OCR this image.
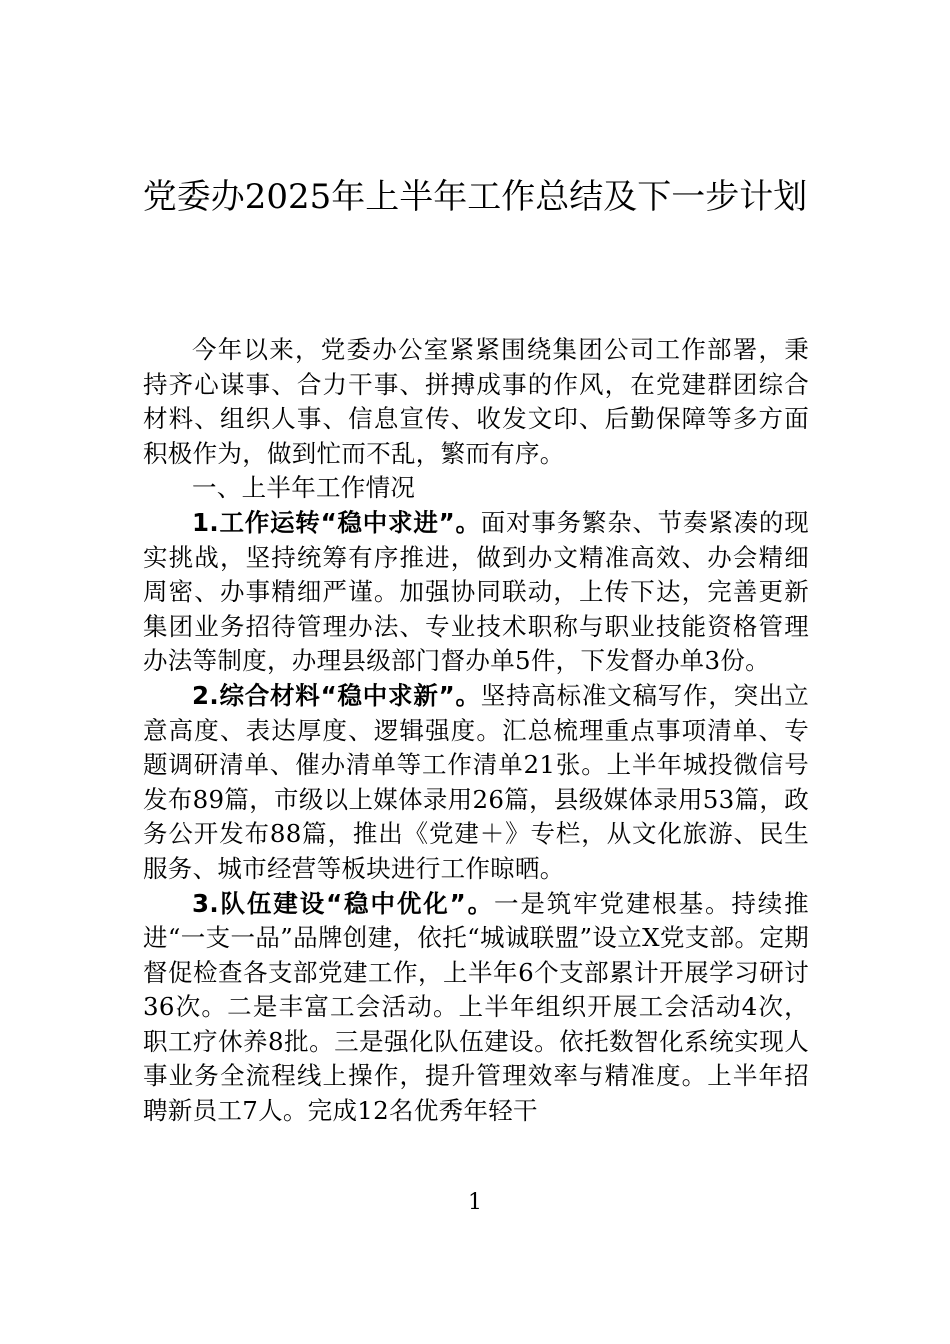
党委办2025年上半年工作总结及下一步计划

今年以来，党委办公室紧紧围绕集团公司工作部署，秉持齐心谋事、合力干事、拼搏成事的作风，在党建群团综合材料、组织人事、信息宣传、收发文印、后勤保障等多方面积极作为，做到忙而不乱，繁而有序。

一、上半年工作情况

1.工作运转“稳中求进”。面对事务繁杂、节奏紧凑的现实挑战，坚持统筹有序推进，做到办文精准高效、办会精细周密、办事精细严谨。加强协同联动，上传下达，完善更新集团业务招待管理办法、专业技术职称与职业技能资格管理办法等制度，办理县级部门督办单5件，下发督办单3份。

2.综合材料“稳中求新”。坚持高标准文稿写作，突出立意高度、表达厚度、逻辑强度。汇总梳理重点事项清单、专题调研清单、催办清单等工作清单21张。上半年城投微信号发布89篇，市级以上媒体录用26篇，县级媒体录用53篇，政务公开发布88篇，推出《党建＋》专栏，从文化旅游、民生服务、城市经营等板块进行工作晾晒。

3.队伍建设“稳中优化”。一是筑牢党建根基。持续推进“一支一品”品牌创建，依托“城诚联盟”设立X党支部。定期督促检查各支部党建工作，上半年6个支部累计开展学习研讨36次。二是丰富工会活动。上半年组织开展工会活动4次，职工疗休养8批。三是强化队伍建设。依托数智化系统实现人事业务全流程线上操作，提升管理效率与精准度。上半年招聘新员工7人。完成12名优秀年轻干

1
